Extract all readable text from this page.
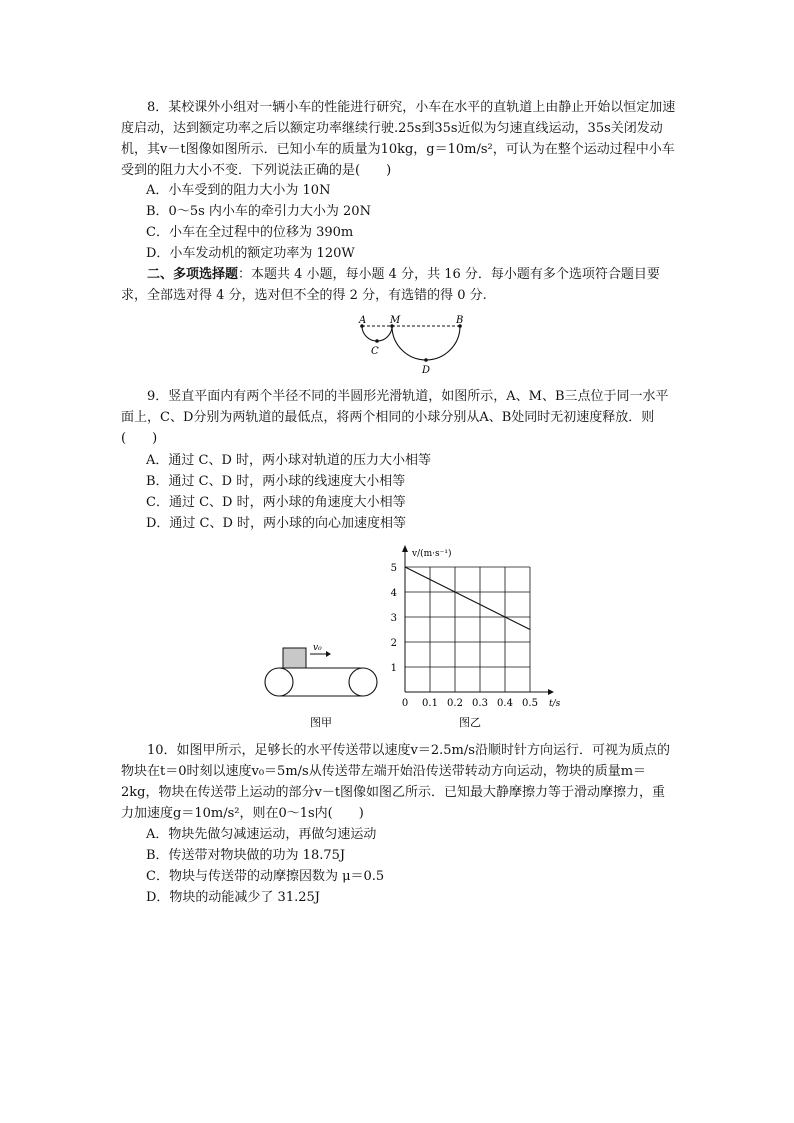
8．某校课外小组对一辆小车的性能进行研究，小车在水平的直轨道上由静止开始以恒定加速度启动，达到额定功率之后以额定功率继续行驶.25s到35s近似为匀速直线运动，35s关闭发动机，其v－t图像如图所示．已知小车的质量为10kg，g＝10m/s²，可认为在整个运动过程中小车受到的阻力大小不变．下列说法正确的是(　　)
A．小车受到的阻力大小为 10N
B．0～5s 内小车的牵引力大小为 20N
C．小车在全过程中的位移为 390m
D．小车发动机的额定功率为 120W
二、多项选择题：本题共 4 小题，每小题 4 分，共 16 分．每小题有多个选项符合题目要求，全部选对得 4 分，选对但不全的得 2 分，有选错的得 0 分.
A M	B
C
D
9．竖直平面内有两个半径不同的半圆形光滑轨道，如图所示，A、M、B三点位于同一水平面上，C、D分别为两轨道的最低点，将两个相同的小球分别从A、B处同时无初速度释放．则(　　)
A．通过 C、D 时，两小球对轨道的压力大小相等
B．通过 C、D 时，两小球的线速度大小相等
C．通过 C、D 时，两小球的角速度大小相等
D．通过 C、D 时，两小球的向心加速度相等
v₀
图甲
1
2
3
4
5
0 0.1 0.2 0.3 0.4 0.5
v/(m·s⁻¹)
t/s
图乙
10．如图甲所示，足够长的水平传送带以速度v＝2.5m/s沿顺时针方向运行．可视为质点的物块在t＝0时刻以速度v₀＝5m/s从传送带左端开始沿传送带转动方向运动，物块的质量m＝2kg，物块在传送带上运动的部分v－t图像如图乙所示．已知最大静摩擦力等于滑动摩擦力，重力加速度g＝10m/s²，则在0～1s内(　　)
A．物块先做匀减速运动，再做匀速运动
B．传送带对物块做的功为 18.75J
C．物块与传送带的动摩擦因数为 μ＝0.5
D．物块的动能减少了 31.25J
